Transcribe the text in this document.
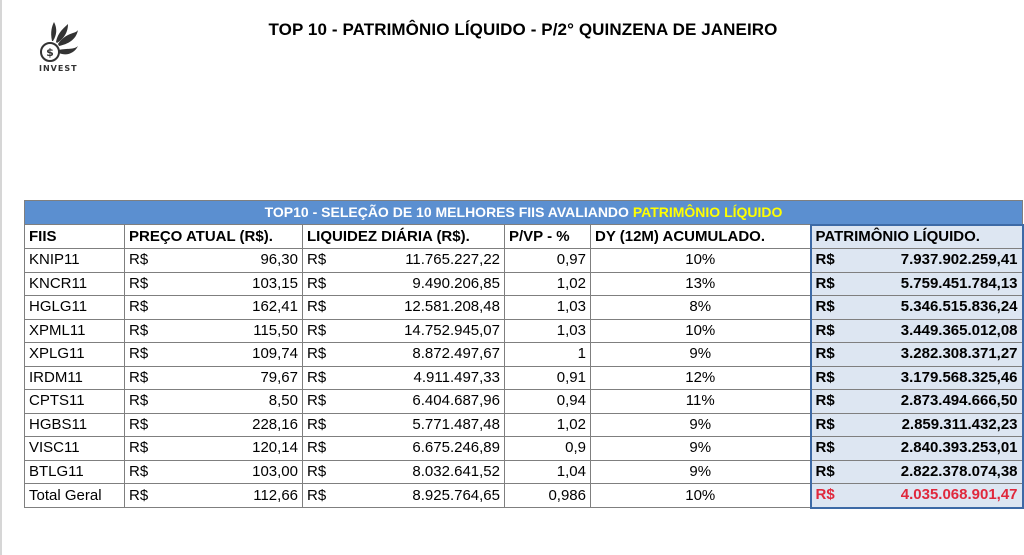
$
INVEST
TOP 10 - PATRIMÔNIO LÍQUIDO - P/2° QUINZENA DE JANEIRO
TOP10 - SELEÇÃO DE 10 MELHORES FIIS AVALIANDO PATRIMÔNIO LÍQUIDO								
FIIS	PREÇO ATUAL (R$).		LIQUIDEZ DIÁRIA (R$).		P/VP - %	DY (12M) ACUMULADO.	PATRIMÔNIO LÍQUIDO.	
KNIP11	R$	96,30	R$	11.765.227,22	0,97	10%	R$	7.937.902.259,41
KNCR11	R$	103,15	R$	9.490.206,85	1,02	13%	R$	5.759.451.784,13
HGLG11	R$	162,41	R$	12.581.208,48	1,03	8%	R$	5.346.515.836,24
XPML11	R$	115,50	R$	14.752.945,07	1,03	10%	R$	3.449.365.012,08
XPLG11	R$	109,74	R$	8.872.497,67	1	9%	R$	3.282.308.371,27
IRDM11	R$	79,67	R$	4.911.497,33	0,91	12%	R$	3.179.568.325,46
CPTS11	R$	8,50	R$	6.404.687,96	0,94	11%	R$	2.873.494.666,50
HGBS11	R$	228,16	R$	5.771.487,48	1,02	9%	R$	2.859.311.432,23
VISC11	R$	120,14	R$	6.675.246,89	0,9	9%	R$	2.840.393.253,01
BTLG11	R$	103,00	R$	8.032.641,52	1,04	9%	R$	2.822.378.074,38
Total Geral	R$	112,66	R$	8.925.764,65	0,986	10%	R$	4.035.068.901,47
